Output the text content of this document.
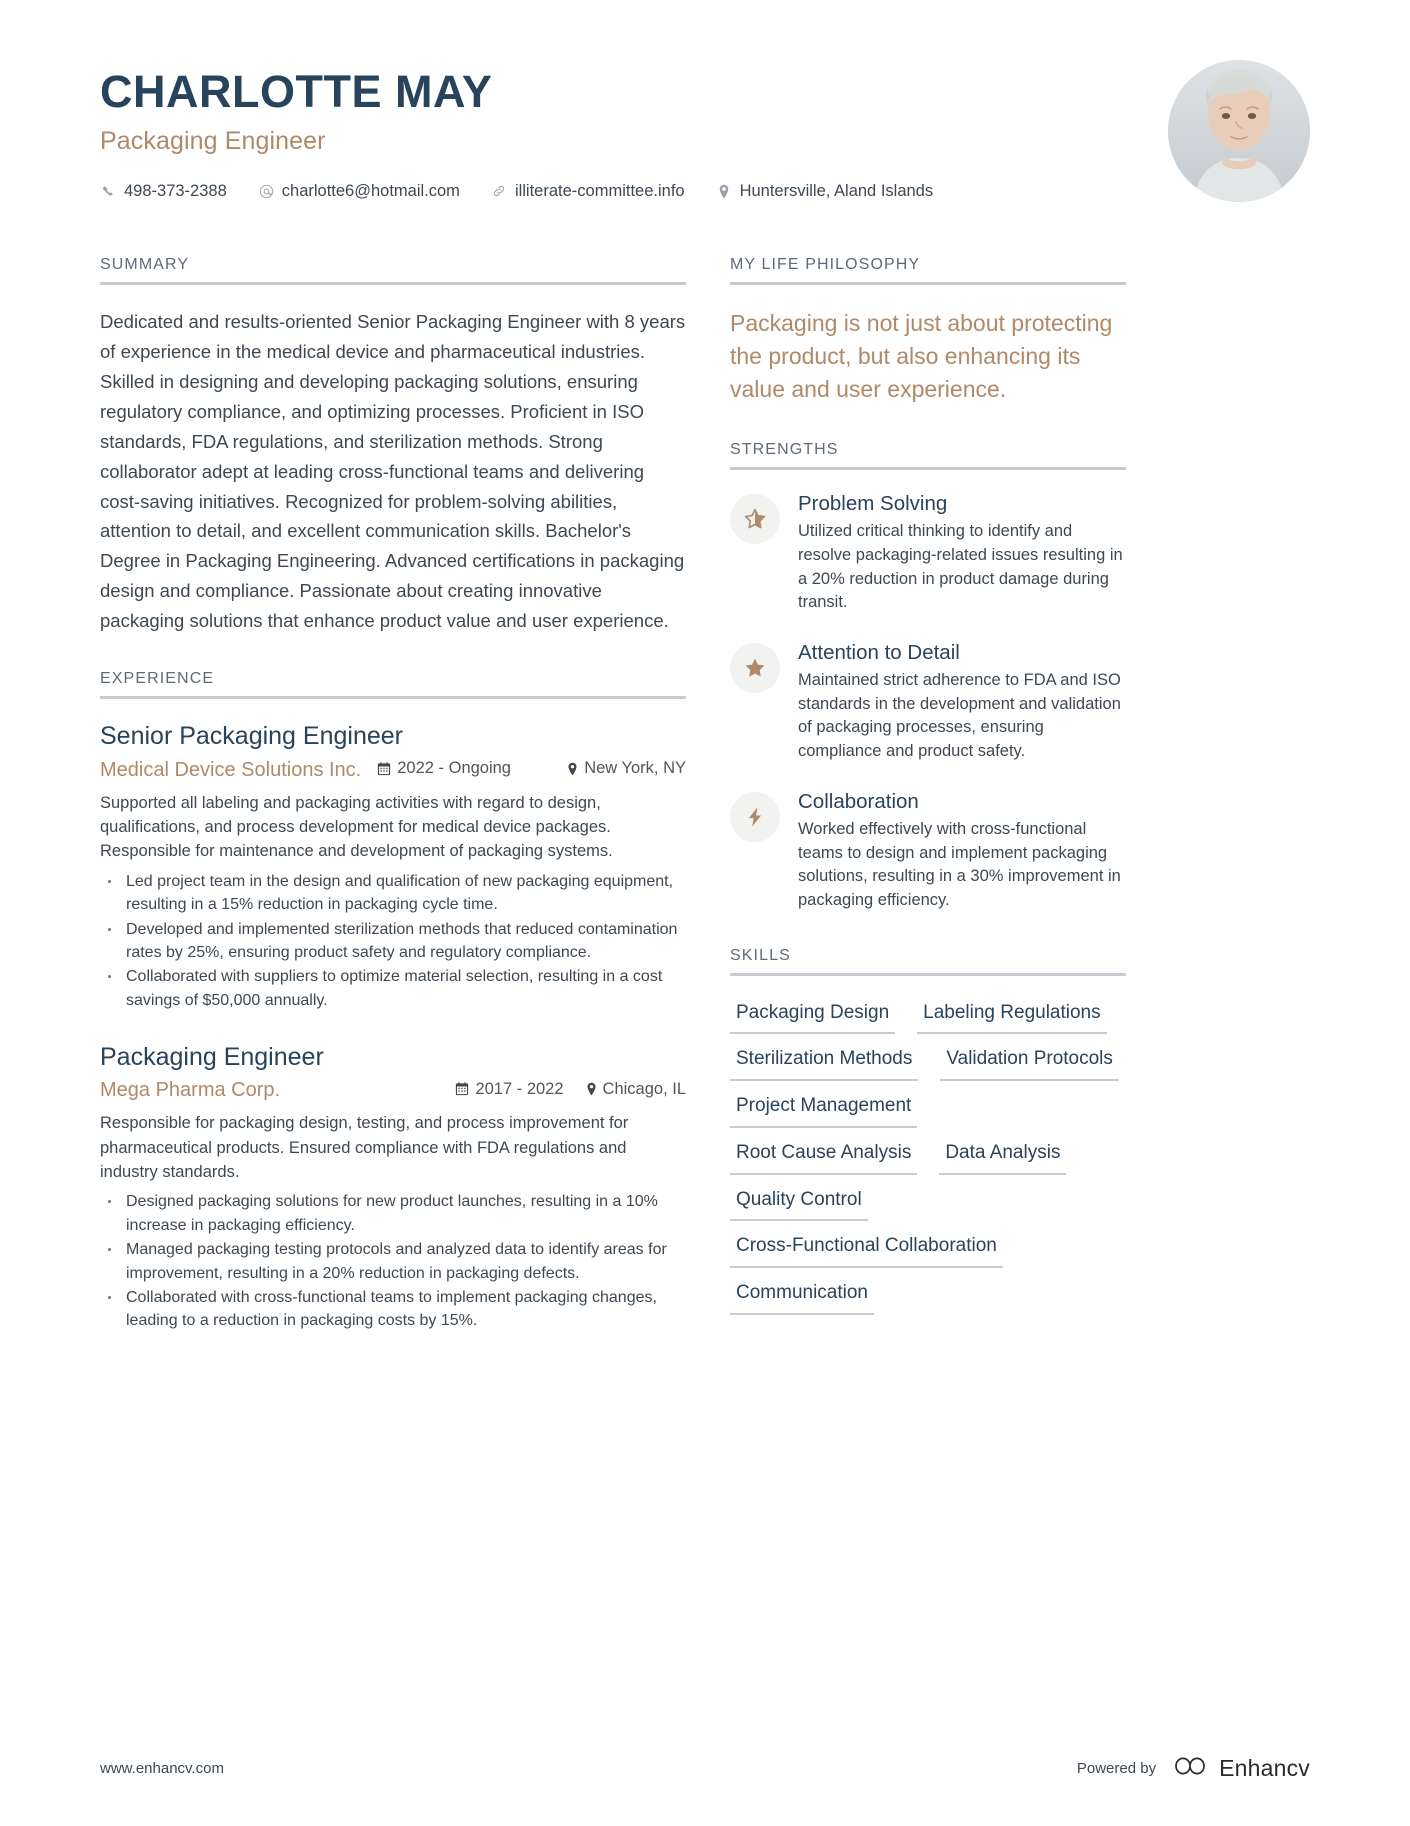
CHARLOTTE MAY
Packaging Engineer
498-373-2388	charlotte6@hotmail.com	illiterate-committee.info	Huntersville, Aland Islands
SUMMARY

Dedicated and results-oriented Senior Packaging Engineer with 8 years of experience in the medical device and pharmaceutical industries. Skilled in designing and developing packaging solutions, ensuring regulatory compliance, and optimizing processes. Proficient in ISO standards, FDA regulations, and sterilization methods. Strong collaborator adept at leading cross-functional teams and delivering cost-saving initiatives. Recognized for problem-solving abilities, attention to detail, and excellent communication skills. Bachelor's Degree in Packaging Engineering. Advanced certifications in packaging design and compliance. Passionate about creating innovative packaging solutions that enhance product value and user experience.

EXPERIENCE
Senior Packaging Engineer
Medical Device Solutions Inc. 2022 - Ongoing	New York, NY

Supported all labeling and packaging activities with regard to design, qualifications, and process development for medical device packages. Responsible for maintenance and development of packaging systems.

Led project team in the design and qualification of new packaging equipment, resulting in a 15% reduction in packaging cycle time.
Developed and implemented sterilization methods that reduced contamination rates by 25%, ensuring product safety and regulatory compliance.
Collaborated with suppliers to optimize material selection, resulting in a cost savings of $50,000 annually.
Packaging Engineer
Mega Pharma Corp.	2017 - 2022 Chicago, IL

Responsible for packaging design, testing, and process improvement for pharmaceutical products. Ensured compliance with FDA regulations and industry standards.

Designed packaging solutions for new product launches, resulting in a 10% increase in packaging efficiency.
Managed packaging testing protocols and analyzed data to identify areas for improvement, resulting in a 20% reduction in packaging defects.
Collaborated with cross-functional teams to implement packaging changes, leading to a reduction in packaging costs by 15%.
MY LIFE PHILOSOPHY

Packaging is not just about protecting the product, but also enhancing its value and user experience.

STRENGTHS
Problem Solving
Utilized critical thinking to identify and resolve packaging-related issues resulting in a 20% reduction in product damage during transit.
Attention to Detail
Maintained strict adherence to FDA and ISO standards in the development and validation of packaging processes, ensuring compliance and product safety.
Collaboration
Worked effectively with cross-functional teams to design and implement packaging solutions, resulting in a 30% improvement in packaging efficiency.
SKILLS
Packaging Design	Labeling Regulations
Sterilization Methods	Validation Protocols
Project Management
Root Cause Analysis	Data Analysis
Quality Control
Cross-Functional Collaboration
Communication
www.enhancv.com	Powered by	Enhancv
